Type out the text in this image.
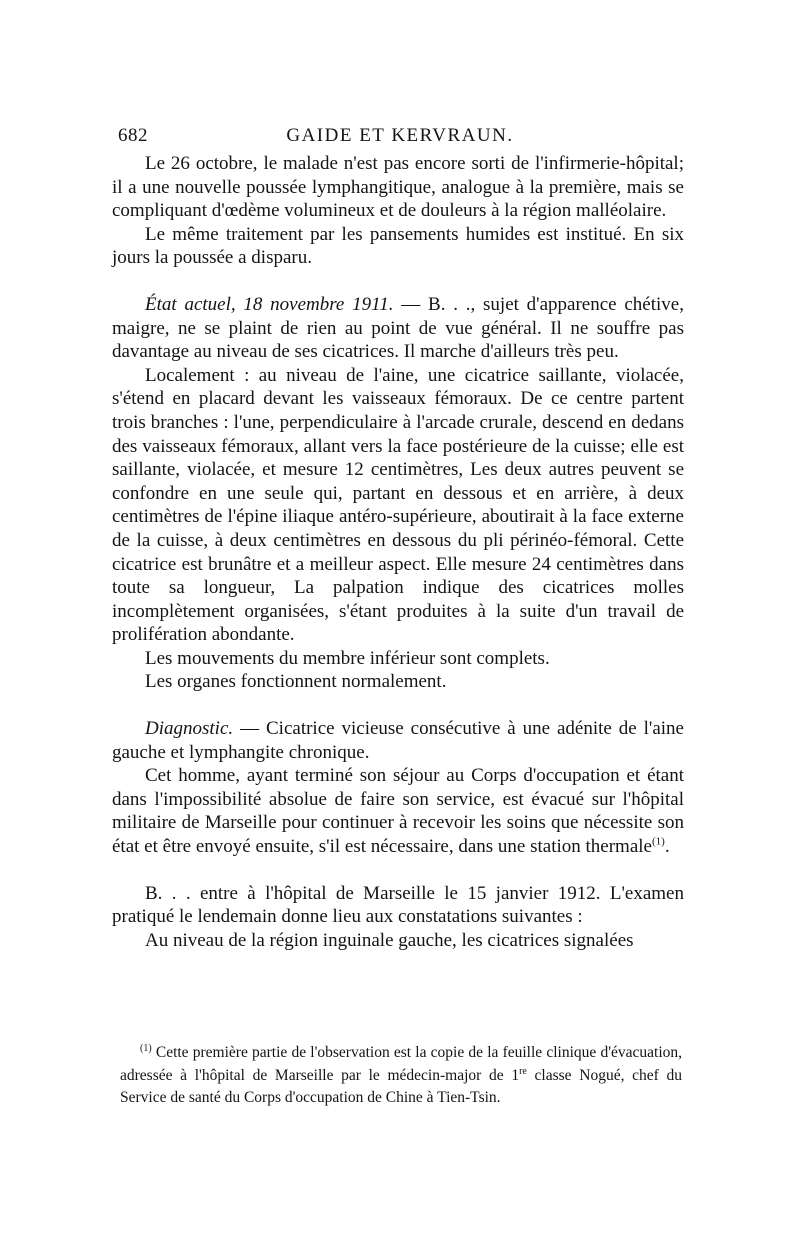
682	GAIDE ET KERVRAUN.

Le 26 octobre, le malade n'est pas encore sorti de l'infirmerie-hôpital; il a une nouvelle poussée lymphangitique, analogue à la première, mais se compliquant d'œdème volumineux et de douleurs à la région malléolaire.

Le même traitement par les pansements humides est institué. En six jours la poussée a disparu.

État actuel, 18 novembre 1911. — B. . ., sujet d'apparence chétive, maigre, ne se plaint de rien au point de vue général. Il ne souffre pas davantage au niveau de ses cicatrices. Il marche d'ailleurs très peu.

Localement : au niveau de l'aine, une cicatrice saillante, violacée, s'étend en placard devant les vaisseaux fémoraux. De ce centre partent trois branches : l'une, perpendiculaire à l'arcade crurale, descend en dedans des vaisseaux fémoraux, allant vers la face postérieure de la cuisse; elle est saillante, violacée, et mesure 12 centimètres, Les deux autres peuvent se confondre en une seule qui, partant en dessous et en arrière, à deux centimètres de l'épine iliaque antéro-supérieure, aboutirait à la face externe de la cuisse, à deux centimètres en dessous du pli périnéo-fémoral. Cette cicatrice est brunâtre et a meilleur aspect. Elle mesure 24 centimètres dans toute sa longueur, La palpation indique des cicatrices molles incomplètement organisées, s'étant produites à la suite d'un travail de prolifération abondante.

Les mouvements du membre inférieur sont complets.

Les organes fonctionnent normalement.

Diagnostic. — Cicatrice vicieuse consécutive à une adénite de l'aine gauche et lymphangite chronique.

Cet homme, ayant terminé son séjour au Corps d'occupation et étant dans l'impossibilité absolue de faire son service, est évacué sur l'hôpital militaire de Marseille pour continuer à recevoir les soins que nécessite son état et être envoyé ensuite, s'il est nécessaire, dans une station thermale$^{(1)}$.

B. . . entre à l'hôpital de Marseille le 15 janvier 1912. L'examen pratiqué le lendemain donne lieu aux constatations suivantes :

Au niveau de la région inguinale gauche, les cicatrices signalées

$^{(1)}$ Cette première partie de l'observation est la copie de la feuille clinique d'évacuation, adressée à l'hôpital de Marseille par le médecin-major de 1re classe Nogué, chef du Service de santé du Corps d'occupation de Chine à Tien-Tsin.
